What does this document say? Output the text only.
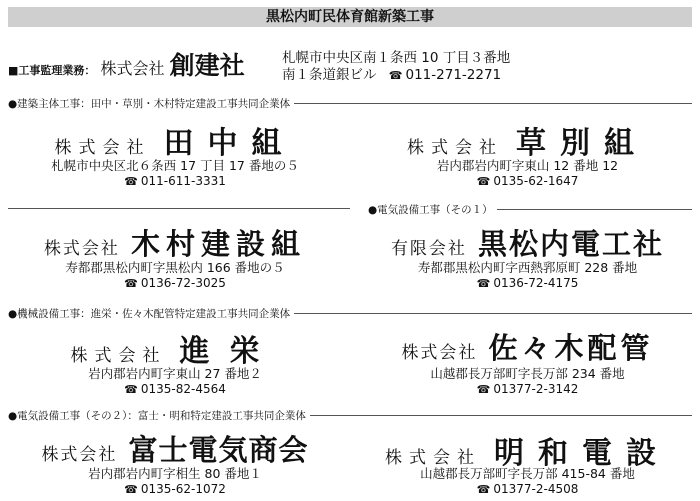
黒松内町民体育館新築工事
■工事監理業務： 株式会社 創建社	札幌市中央区南１条西 10 丁目３番地
南１条道銀ビル ☎ 011-271-2271
●建築主体工事：田中・草別・木村特定建設工事共同企業体
株式会社 田中組
札幌市中央区北６条西 17 丁目 17 番地の５
☎ 011-611-3331
株式会社 草別組
岩内郡岩内町字東山 12 番地 12
☎ 0135-62-1647
●電気設備工事（その１）
株式会社 木村建設組
寿都郡黒松内町字黒松内 166 番地の５
☎ 0136-72-3025
有限会社 黒松内電工社
寿都郡黒松内町字西熱郛原町 228 番地
☎ 0136-72-4175
●機械設備工事：進栄・佐々木配管特定建設工事共同企業体
株式会社 進栄
岩内郡岩内町字東山 27 番地２
☎ 0135-82-4564
株式会社 佐々木配管
山越郡長万部町字長万部 234 番地
☎ 01377-2-3142
●電気設備工事（その２）：富士・明和特定建設工事共同企業体
株式会社 富士電気商会
岩内郡岩内町字相生 80 番地１
☎ 0135-62-1072
株式会社 明和電設
山越郡長万部町字長万部 415-84 番地
☎ 01377-2-4508
